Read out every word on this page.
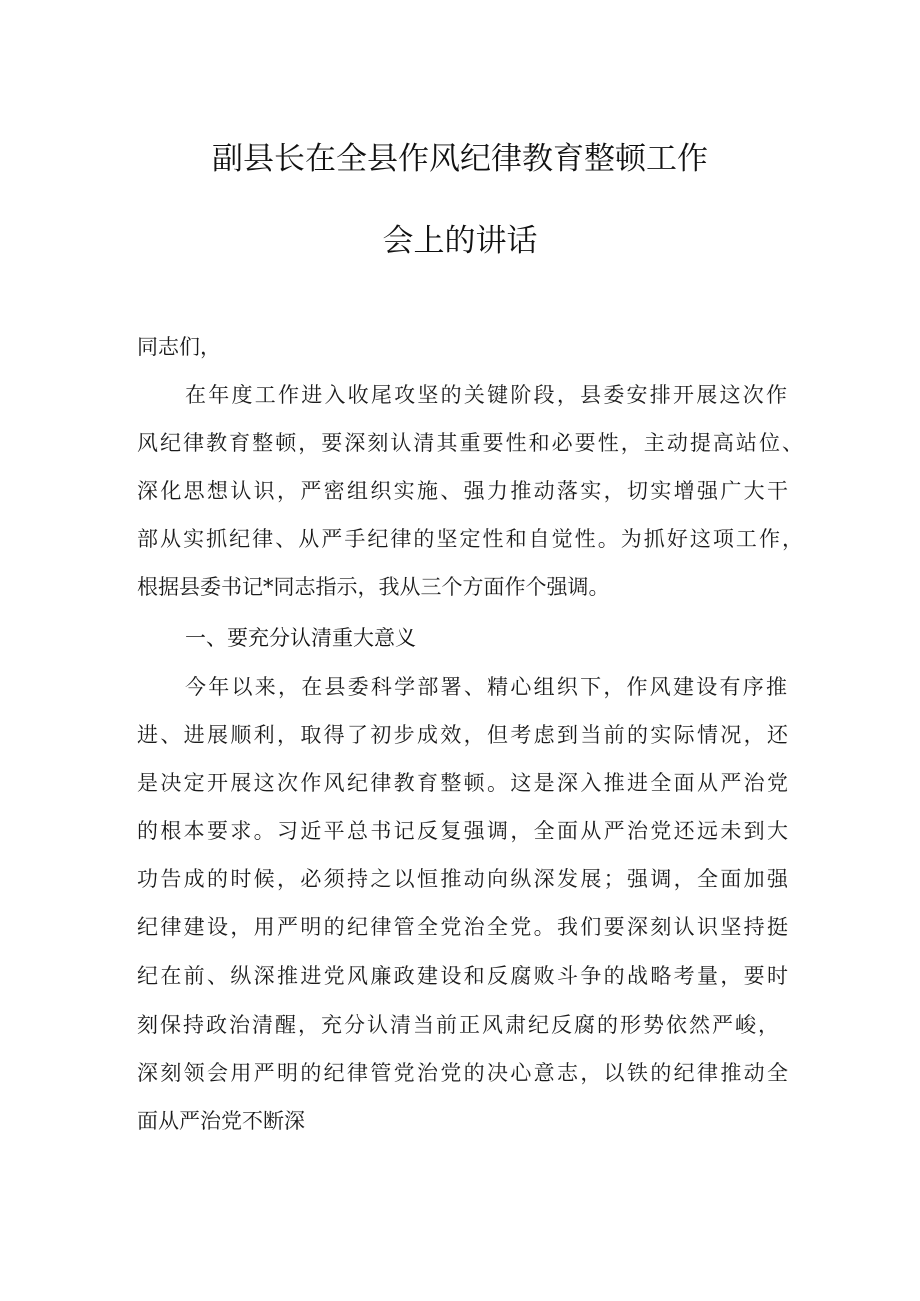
副县长在全县作风纪律教育整顿工作
会上的讲话
同志们，
在年度工作进入收尾攻坚的关键阶段，县委安排开展这次作
风纪律教育整顿，要深刻认清其重要性和必要性，主动提高站位、
深化思想认识，严密组织实施、强力推动落实，切实增强广大干
部从实抓纪律、从严手纪律的坚定性和自觉性。为抓好这项工作，
根据县委书记*同志指示，我从三个方面作个强调。
一、要充分认清重大意义
今年以来，在县委科学部署、精心组织下，作风建设有序推
进、进展顺利，取得了初步成效，但考虑到当前的实际情况，还
是决定开展这次作风纪律教育整顿。这是深入推进全面从严治党
的根本要求。习近平总书记反复强调，全面从严治党还远未到大
功告成的时候，必须持之以恒推动向纵深发展；强调，全面加强
纪律建设，用严明的纪律管全党治全党。我们要深刻认识坚持挺
纪在前、纵深推进党风廉政建设和反腐败斗争的战略考量，要时
刻保持政治清醒，充分认清当前正风肃纪反腐的形势依然严峻，
深刻领会用严明的纪律管党治党的决心意志，以铁的纪律推动全
面从严治党不断深
